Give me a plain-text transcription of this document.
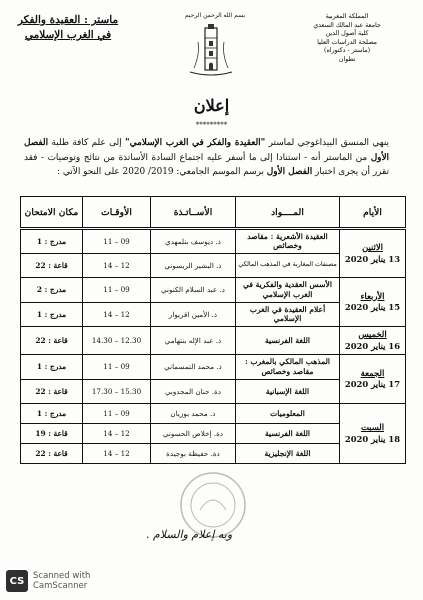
المملكة المغربية
جامعة عبد المالك السعدي
كلية أصول الدين
مصلحة الدراسات العليا
(ماستر - دكتوراه)
تطوان
بسم الله الرحمن الرحيم
ماستر : العقيدة والفكر
في الغرب الإسلامي
إعلان
*********
ينهي المنسق البيداغوجي لماستر "العقيدة والفكر في الغرب الإسلامي" إلى علم كافة طلبة الفصل الأول من الماستر أنه - استنادا إلى ما أسفر عليه اجتماع السادة الأساتذة من نتائج وتوصيات - فقد تقرر أن يجرى اختبار الفصل الأول برسم الموسم الجامعي: 2019/ 2020 على النحو الآتي :
الأيام	المــــواد	الأســاتـذة	الأوقـات	مكان الامتحان

الاثنين
13 يناير 2020	العقيدة الأشعرية : مقاصد وخصائص	ذ. ديوسف بنلمهدي	11 – 09	مدرج : 1
	مصنفات المغاربة في المذهب المالكي	ذ. البشير الريسوني	14 – 12	قاعة : 22

الأربعاء
15 يناير 2020	الأسس العقدية والفكرية في الغرب الإسلامي	د. عبد السلام الكنوني	11 – 09	مدرج : 2
	أعلام العقيدة في الغرب الإسلامي	ذ. الأمين اقريوار	14 – 12	مدرج : 1

الخميس
16 يناير 2020	اللغة الفرنسية	ذ. عبد الإله بنتهامي	14.30 – 12.30	قاعة : 22

الجمعة
17 يناير 2020	المذهب المالكي بالمغرب : مقاصد وخصائص	ذ. محمد التمسماني	11 – 09	مدرج : 1
	اللغة الإسبانية	دة. حنان المجدوبي	17.30 – 15.30	قاعة : 22

السبت
18 يناير 2020	المعلوميات	ذ. محمد بوزيان	11 – 09	مدرج : 1
	اللغة الفرنسية	دة. إخلاص الحسوني	14 – 12	قاعة : 19
	اللغة الإنجليزية	دة. حفيظة بوجيدة	14 – 12	قاعة : 22
وبه إعلام والسلام .
CS	Scanned with
CamScanner
